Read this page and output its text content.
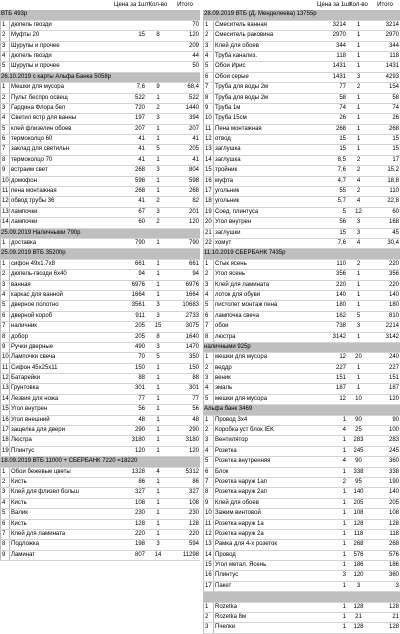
Цена за 1шт Кол-во	Итого
ВТБ 493р
1 дюпель гвозди	70
2 Муфты 20	15	8	120
3 Шурупы и прочее	209
4 дюпель гвозди	44
5 Шурупы и прочее	50
26.10.2019 с карты Альфа Банка 5058р
1 Мешки для мусора	7,6	9	68,4
2 Пульт беспро освещ	522	1	522
3 Гардина Флора бел	720	2	1440
4 Светил встр для ванны	197	3	394
5 клей флизелин обоев	207	1	207
6 термоколцо 60	41	1	41
7 заклад для светильн	41	5	205
8 термоколцо 70	41	1	41
9 встраим свет	268	3	804
10 домофон	598	1	598
11 пена монтажная	268	1	268
12 обвод трубы 36	41	2	82
13 лампочки	67	3	201
14 лампочки	60	2	120
25.09.2019 Наличными 790р
1 доставка	790	1	790
25.09.2019 ВТБ 35200р
1 сифон 49х1.7х8	661	1	661
2 дюпель-гвозди 6х40	94	1	94
3 ванная	6976	1	6976
4 каркас для ванной	1664	1	1664
5 дверное полотно	3561	3	10683
6 дверной короб	911	3	2733
7 наличник	205	15	3075
8 добор	205	8	1640
9 Ручки дверные	490	3	1470
10 Лампочки свеча	70	5	350
11 Сифон 45х25х11	150	1	150
12 Батарейки	88	1	88
13 Грунтовка	301	1	301
14 Лезвия для ножа	77	1	77
15 Угол внутрен	56	1	56
16 Угол внешний	48	1	48
17 защелка для двери	290	1	290
18 Люстра	3180	1	3180
19 Плинтус	120	1	120
18.09.2019 ВТБ 11000 + СБЕРБАНК 7220 =18220
1 Обои бежевые цветы	1328	4	5312
2 Кисть	86	1	86
3 Клей для флизел больш	327	1	327
4 Кисть	108	1	108
5 Валик	230	1	230
6 Кисть	128	1	128
7 Клей для ламината	220	1	220
8 Подложка	198	3	594
9 Ламинат	807	14	11298
Цена за 1шт
Кол-во	Итого
28.09.2019 ВТБ (Д. Менделеева) 13755р
1	Смеситель ванная	3214	1	3214
2	Смеситель раковина	2970	1	2970
3	Клей для обоев	344	1	344
4	Труба канализ.	118	1	118
5	Обои Ирис	1431	1	1431
6	Обои серые	1431	3	4293
7	Труба для воды 2м	77	2	154
8	Труба для воды 2м	58	1	58
9	Труба 1м	74	1	74
10 Труба 15см	26	1	26
11 Пена монтажная	268	1	268
12 отвод	15	1	15
13 заглушка	15	1	15
14 заглушка	8,5	2	17
15 тройник	7,6	2	15,2
16 муфта	4,7	4	18,8
17 угольник	55	2	110
18 угольник	5,7	4	22,8
19 Соед. плинтуса	5	12	60
20 Угол внутрен	56	3	168
21 заглушки	15	3	45
22 хомут	7,6	4	30,4
11.10.2019 СБЕРБАНК 7435р
1	Стык ясень	110	2	220
2	Угол ясень	356	1	356
3	Клей для ламината	220	1	220
4	лоток для обуви	140	1	140
5	пистолет монтаж пена	180	1	180
6	лампочка свеча	162	5	810
7	обои	738	3	2214
8	люстра	3142	1	3142
наличными 925р
1	мешки для мусора	12	20	240
2	веддр	227	1	227
3	веник	151	1	151
4	эмаль	187	1	187
5	мешки для мусора	12	10	120
Альфа банк 3469
1	Провод 3х4	1	90	90
2	Коробка уст блок IEK	4	25	100
3	Вентилятор	1	283	283
4	Розетка	1	245	245
5	Розетка внутренняя	4	90	360
6	Блок	1	338	338
7	Розетка наруж 1ап	2	95	190
8	Розетка наруж 2ап	1	140	140
9	Клей для обоев	1	205	205
10 Зажим винтовой	1	108	108
11 Розетка наруж 1а	1	128	128
12 Розетка наруж 2а	1	118	118
13 Рамка для 4-х розеток	1	268	268
14 Провод	1	576	576
15 Угол метал. Ясень	1	186	186
16 Плинтус	3	120	360
17 Пакет	1	3	3
1	Rozetka	1	128	128
2	Rozetka 8м	1	21	21
3	Пчелки	1	128	128
